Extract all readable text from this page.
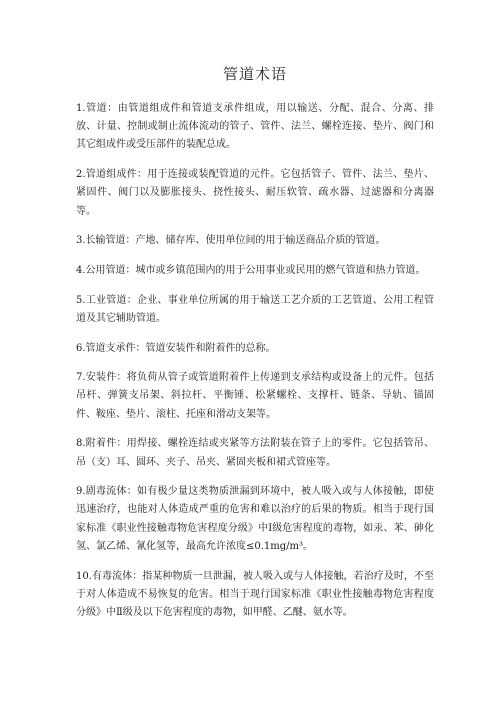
管道术语
1.管道：由管道组成件和管道支承件组成，用以输送、分配、混合、分离、排放、计量、控制或制止流体流动的管子、管件、法兰、螺栓连接、垫片、阀门和其它组成件或受压部件的装配总成。
2.管道组成件：用于连接或装配管道的元件。它包括管子、管件、法兰、垫片、紧固件、阀门以及膨胀接头、挠性接头、耐压软管、疏水器、过滤器和分离器等。
3.长输管道：产地、储存库、使用单位间的用于输送商品介质的管道。
4.公用管道：城市或乡镇范围内的用于公用事业或民用的燃气管道和热力管道。
5.工业管道：企业、事业单位所属的用于输送工艺介质的工艺管道、公用工程管道及其它辅助管道。
6.管道支承件：管道安装件和附着件的总称。
7.安装件：将负荷从管子或管道附着件上传递到支承结构或设备上的元件。包括吊杆、弹簧支吊架、斜拉杆、平衡锤、松紧螺栓、支撑杆、链条、导轨、锚固件、鞍座、垫片、滚柱、托座和滑动支架等。
8.附着件：用焊接、螺栓连结或夹紧等方法附装在管子上的零件。它包括管吊、吊（支）耳、圆环、夹子、吊夹、紧固夹板和裙式管座等。
9.剧毒流体：如有极少量这类物质泄漏到环境中，被人吸入或与人体接触，即使迅速治疗，也能对人体造成严重的危害和难以治疗的后果的物质。相当于现行国家标准《职业性接触毒物危害程度分级》中Ⅰ级危害程度的毒物，如汞、苯、砷化氢、氯乙烯、氰化氢等，最高允许浓度≤0.1mg/m³。
10.有毒流体：指某种物质一旦泄漏，被人吸入或与人体接触，若治疗及时，不至于对人体造成不易恢复的危害。相当于现行国家标准《职业性接触毒物危害程度分级》中Ⅱ级及以下危害程度的毒物，如甲醛、乙醚、氨水等。
